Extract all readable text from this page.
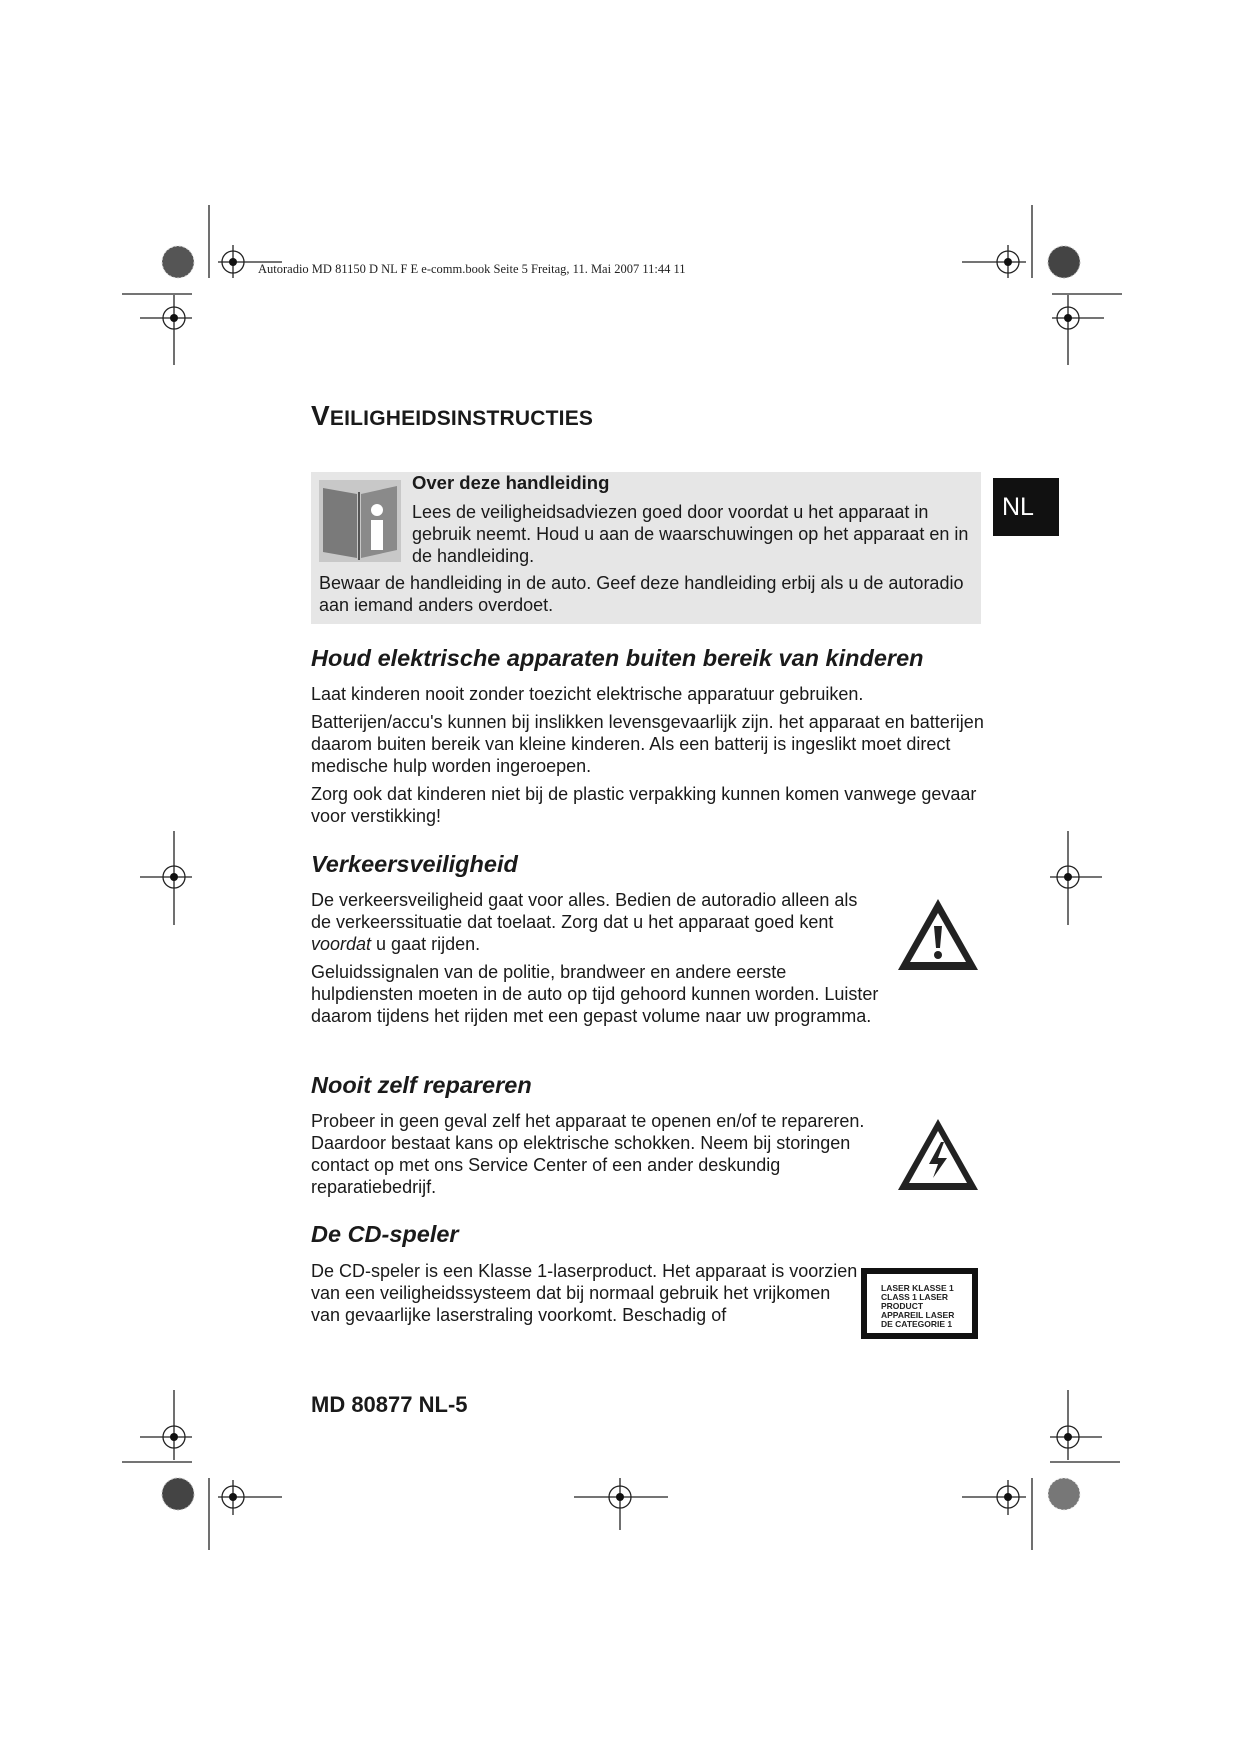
Autoradio MD 81150 D NL F E e-comm.book Seite 5 Freitag, 11. Mai 2007 11:44 11
VEILIGHEIDSINSTRUCTIES
NL
Over deze handleiding
Lees de veiligheidsadviezen goed door voordat u het apparaat in gebruik neemt. Houd u aan de waarschuwingen op het apparaat en in de handleiding.
Bewaar de handleiding in de auto. Geef deze handleiding erbij als u de autoradio aan iemand anders overdoet.
Houd elektrische apparaten buiten bereik van kinderen

Laat kinderen nooit zonder toezicht elektrische apparatuur gebruiken.

Batterijen/accu's kunnen bij inslikken levensgevaarlijk zijn. het apparaat en batterijen daarom buiten bereik van kleine kinderen. Als een batterij is ingeslikt moet direct medische hulp worden ingeroepen.

Zorg ook dat kinderen niet bij de plastic verpakking kunnen komen vanwege gevaar voor verstikking!

Verkeersveiligheid

De verkeersveiligheid gaat voor alles. Bedien de autoradio alleen als de verkeerssituatie dat toelaat. Zorg dat u het apparaat goed kent voordat u gaat rijden.

Geluidssignalen van de politie, brandweer en andere eerste hulpdiensten moeten in de auto op tijd gehoord kunnen worden. Luister daarom tijdens het rijden met een gepast volume naar uw programma.

Nooit zelf repareren

Probeer in geen geval zelf het apparaat te openen en/of te repareren. Daardoor bestaat kans op elektrische schokken. Neem bij storingen contact op met ons Service Center of een ander deskundig reparatiebedrijf.

De CD-speler

De CD-speler is een Klasse 1-laserproduct. Het apparaat is voorzien van een veiligheidssysteem dat bij normaal gebruik het vrijkomen van gevaarlijke laserstraling voorkomt. Beschadig of

LASER KLASSE 1
CLASS 1 LASER
PRODUCT
APPAREIL LASER
DE CATEGORIE 1
MD 80877 NL-5
